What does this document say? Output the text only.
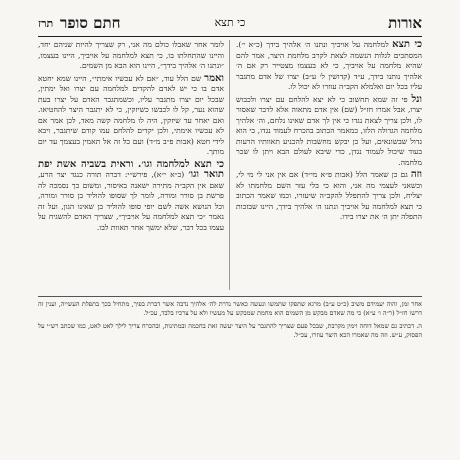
אורות
כי תצא
חתם סופר
תרז

כי תצא למלחמה על אויביך ונתנו ה׳ אלהיך בידך (כ״א י׳). המסתכים לגלות הנשמה לצאת לקרב מלחמת היצר, אמר להם שהיא מלחמה על אויביך, כי לא בעצמו מצטייר רק אם ה׳ אלהיך נותנו בידך, ע״ד (קדושין ל׳ ע״ב) יצרו של אדם מתגבר עליו בכל יום ואלמלא הקב״ה עוזרו לא יכול לו.

ונל פי זה שמא תחשוב כי לא יצא להלחם עם יצרו ולכבוש יצרו, אבל אמרו חז״ל (שם) אין אדם מתאוה אלא לדבר שאסור לו, ולכן צריך לצאת נגדו כי אין לך אדם שאינו נלחם, וה׳ אלהיך מלחמה הגדולה הלזו, כמאמר הכתוב בהכרח לעמוד נגדו, כי הוא גדול שבשונאים, ועל כן יבקש מחשבות להכניע תאוותיו הרעות בעוד שיכול לעמוד נגדן, כדי שיבא לעולם הבא ויתן לו שכר מלחמה.

וזה גם כן שאמר הלל (אבות פ״א מי״ד) אם אין אני לי מי לי, וכשאני לעצמי מה אני, והוא כי בלי עזר השם מלחמתו לא יצליח, ולכן צריך להתפלל להקב״ה שיעזרו, וכמו שאמר הכתוב כי תצא למלחמה על אויביך ונתנו ה׳ אלהיך בידך, היינו שבזכות התפלה יתן ה׳ את יצרו בידו.

לומר אחר שאבלו כולם מה אני, רק שצריך להיות שניהם יחד, והיינו שהתחלתו בו, כי תצא למלחמה על אויביך, היינו בעצמו, ״ונתנו ה׳ אלהיך בידך״, היינו הוא הבא מן השמים.

ואמר שם הלל עוד, ״אם לא עכשיו אימתי״, היינו שמא יחטא אדם בו כי יש לאדם להקדים למלחמה עם יצרו ואל ימתין, שבכל יום יצרו מתגבר עליו, וכשמתגבר האדם על יצרו בעת שהוא נער, קל לו לכבשו כשיזקין, כי לא יתגבר היצר להחטיאו. ואם יאחר עד שיזקין, היה לו מלחמה קשה מאד, לכן אמר אם לא עכשיו אימתי, ולכן יקדים להלחם עמו קודם שיתגבר, ויבא לידי חטא (אבות פ״ב מ״ד) ועם כל זה אל תאמין בעצמך עד יום מותך.

כי תצא למלחמה וגו׳. וראית בשביה אשת יפת תואר וגו׳ (כ״א י״א), פירש״י: דברה תורה כנגד יצר הרע, שאם אין הקב״ה מתירה ישאנה באיסור, ומשום כך נסמכה לה פרשת בן סורר ומורה, לומר לך שסופו להוליד בן סורר ומורה, וכל הנושא אשה לשם יופי סופו להוליד בן שאינו הגון, ועל זה נאמר ״כי תצא למלחמה על אויביך״, שצריך האדם להשגיח על עצמו בכל דבר, שלא ימשך אחר תאוות לבו.

אחר זמן, והוה יעמידם משיב (כ״ט ע״ב) מרגא שתפקו שתמשו ונעשה כאשר נדרת לה׳ אלהיך נדבה אשר דברת בפיך, מתחיל בכך בתפלת העשייה, וענין זה דרשו חז״ל (ר״ה ו׳ ע״א) כי מה שאדם מבקש מן השמים הוא מחמת שמבקש על מעשיו ולא על צרכיו בלבד, עכ״ל.

ה. דכתיב גם שמאל דוחה וימין מקרבת, שבכל פעם שצריך להתגבר על היצר יעשה זאת בחכמה ובמתינות, ובהכרח צריך לילך לאט לאט, כמו שכתב רש״י על הפסוק, ע״ש. וזה מה שאמרו הכא היצר עוזרו, עכ״ל.
